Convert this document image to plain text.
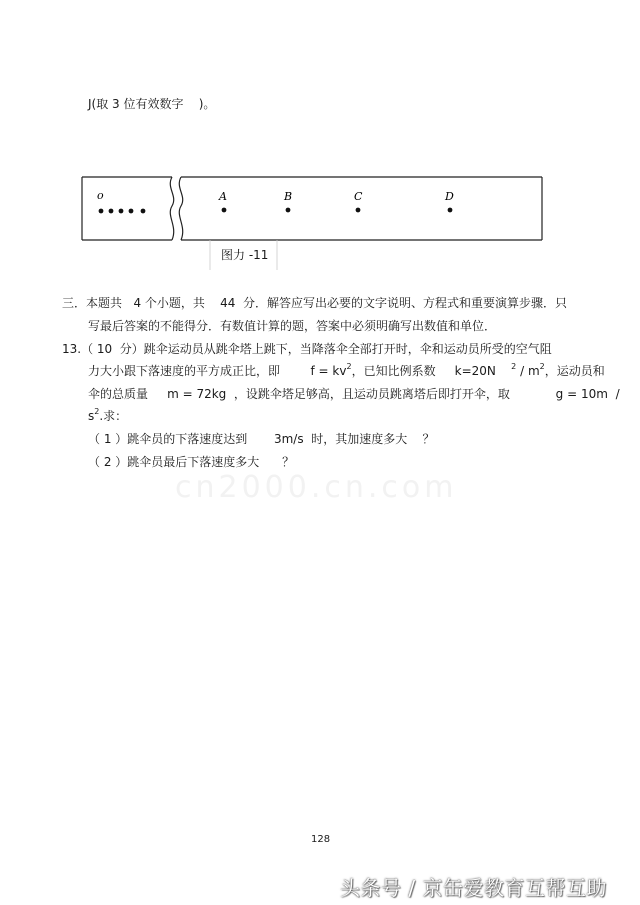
cn2000.cn.com
J(取 3 位有效数字    )。
o	A	B	C	D
图力 -11
三．本题共   4 个小题，共    44  分．解答应写出必要的文字说明、方程式和重要演算步骤．只
写最后答案的不能得分．有数值计算的题，答案中必须明确写出数值和单位．
13.（ 10  分）跳伞运动员从跳伞塔上跳下，当降落伞全部打开时，伞和运动员所受的空气阻
力大小跟下落速度的平方成正比，即        $f = kv^2$，已知比例系数     k=20N    $^2 / m^2$，运动员和
伞的总质量     m = 72kg  ，设跳伞塔足够高，且运动员跳离塔后即打开伞，取            g = 10m  /
$s^2$.求：
（ 1 ）跳伞员的下落速度达到       3m/s  时，其加速度多大    ？
（ 2 ）跳伞员最后下落速度多大      ？
128
头条号 / 京缶爱教育互帮互助
